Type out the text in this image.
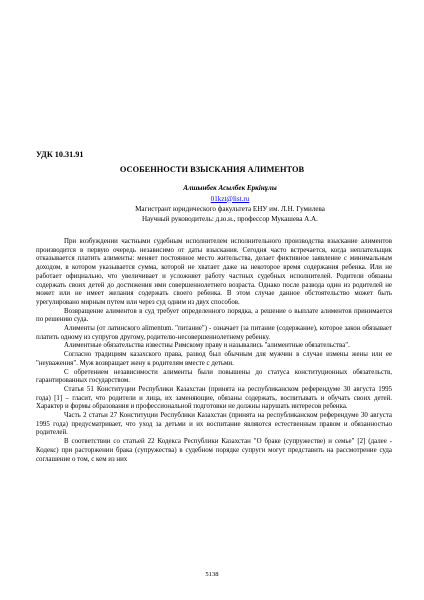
УДК 10.31.91
ОСОБЕННОСТИ ВЗЫСКАНИЯ АЛИМЕНТОВ
Алшынбек Асылбек Еркінұлы
01kzt@list.ru
Магистрант юридического факультета ЕНУ им. Л.Н. Гумилева
Научный руководитель: д.ю.н., профессор Мукашева А.А.

При возбуждении частными судебным исполнителем исполнительного производства взыскание алиментов производится в первую очередь независимо от даты взыскания. Сегодня часто встречается, когда неплательщик отказывается платить алименты: меняет постоянное место жительства, делает фиктивное заявление с минимальным доходом, в котором указывается сумма, которой не хватает даже на некоторое время содержания ребенка. Или не работает официально, что увеличивает и усложняет работу частных судебных исполнителей. Родители обязаны содержать своих детей до достижения ими совершеннолетнего возраста. Однако после развода один из родителей не может или не имеет желания содержать своего ребенка. В этом случае данное обстоятельство может быть урегулировано мирным путем или через суд одним из двух способов.

Возвращение алиментов в суд требует определенного порядка, а решение о выплате алиментов принимается по решению суда.

Алименты (от латинского alimentum. "питание") - означает (за питание (содержание), которое закон обязывает платить одному из супругов другому, родителю-несовершеннолетнему ребенку.

Алиментные обязательства известны Римскому праву и назывались "алиментные обязательства".

Согласно традициям казахского права, развод был обычным для мужчин в случае измены жены или ее "неуважения". Муж возвращает жену к родителям вместе с детьми.

С обретением независимости алименты были повышены до статуса конституционных обязательств, гарантированных государством.

Статья 51 Конституции Республики Казахстан (принята на республиканском референдуме 30 августа 1995 года) [1] – гласит, что родители и лица, их заменяющие, обязаны содержать, воспитывать и обучать своих детей. Характер и формы образования и профессиональной подготовки не должны нарушать интересов ребенка.

Часть 2 статьи 27 Конституции Республики Казахстан (принята на республиканском референдуме 30 августа 1995 года) предусматривает, что уход за детьми и их воспитание являются естественным правом и обязанностью родителей.

В соответствии со статьей 22 Кодекса Республики Казахстан "О браке (супружестве) и семье" [2] (далее - Кодекс) при расторжении брака (супружества) в судебном порядке супруги могут представить на рассмотрение суда соглашение о том, с кем из них

5138
